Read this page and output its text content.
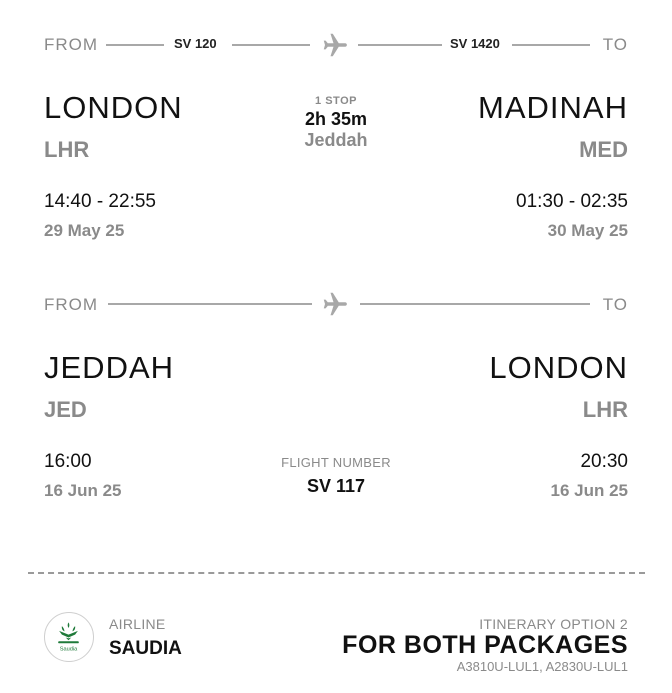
FROM	SV 120	SV 1420	TO
LONDON
LHR
1 STOP
2h 35m
Jeddah
MADINAH
MED
14:40 - 22:55
29 May 25
01:30 - 02:35
30 May 25
FROM	TO
JEDDAH
JED
LONDON
LHR
16:00
16 Jun 25
FLIGHT NUMBER
SV 117
20:30
16 Jun 25
Saudia
AIRLINE
SAUDIA
ITINERARY OPTION 2
FOR BOTH PACKAGES
A3810U-LUL1, A2830U-LUL1
